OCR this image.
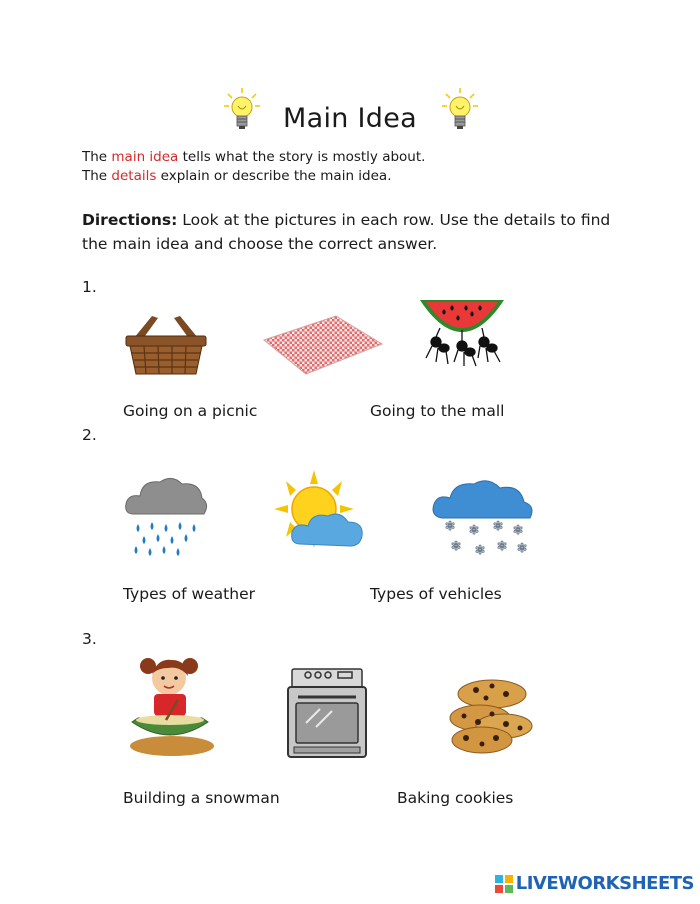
Main Idea
The main idea tells what the story is mostly about.
The details explain or describe the main idea.
Directions: Look at the pictures in each row. Use the details to find the main idea and choose the correct answer.
1.
Going on a picnic	Going to the mall
2.
✻ ✻ ✻ ✻
✻ ✻ ✻ ✻
Types of weather	Types of vehicles
3.
Building a snowman	Baking cookies
LIVEWORKSHEETS
